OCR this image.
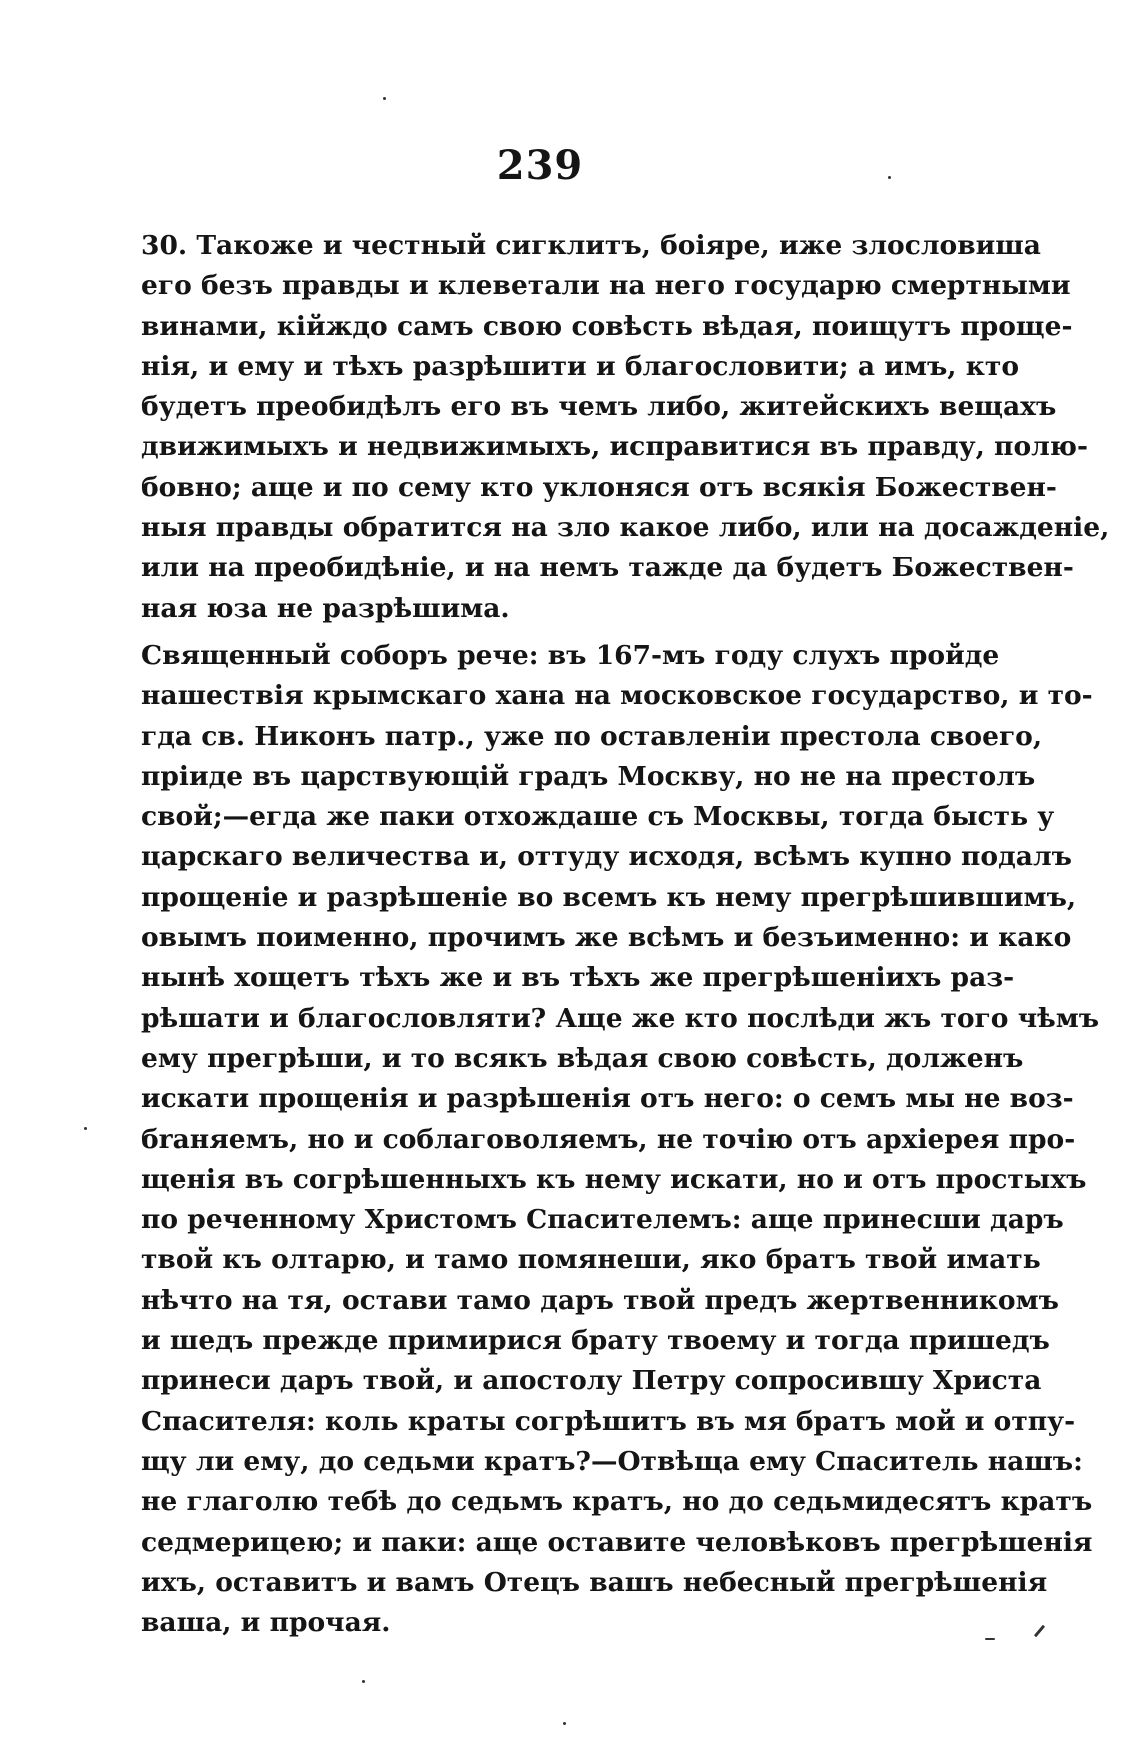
239
30. Такоже и честный сигклитъ, боiяре, иже злословиша
его безъ правды и клеветали на него государю смертными
винами, кiйждо самъ свою совѣсть вѣдая, поищутъ проще-
нiя, и ему и тѣхъ разрѣшити и благословити; а имъ, кто
будетъ преобидѣлъ его въ чемъ либо, житейскихъ вещахъ
движимыхъ и недвижимыхъ, исправитися въ правду, полю-
бовно; аще и по сему кто уклоняся отъ всякiя Божествен-
ныя правды обратится на зло какое либо, или на досажденiе,
или на преобидѣнiе, и на немъ тажде да будетъ Божествен-
ная юза не разрѣшима.
Священный соборъ рече: въ 167-мъ году слухъ пройде
нашествiя крымскаго хана на московское государство, и то-
гда св. Никонъ патр., уже по оставленiи престола своего,
прiиде въ царствующiй градъ Москву, но не на престолъ
свой;—егда же паки отхождаше съ Москвы, тогда бысть у
царскаго величества и, оттуду исходя, всѣмъ купно подалъ
прощенiе и разрѣшенiе во всемъ къ нему прегрѣшившимъ,
овымъ поименно, прочимъ же всѣмъ и безъименно: и како
нынѣ хощетъ тѣхъ же и въ тѣхъ же прегрѣшенiихъ раз-
рѣшати и благословляти? Аще же кто послѣди жъ того чѣмъ
ему прегрѣши, и то всякъ вѣдая свою совѣсть, долженъ
искати прощенiя и разрѣшенiя отъ него: о семъ мы не воз-
бraняемъ, но и соблаговоляемъ, не точiю отъ архiерея про-
щенiя въ согрѣшенныхъ къ нему искати, но и отъ простыхъ
по реченному Христомъ Спасителемъ: аще принесши даръ
твой къ олтарю, и тамо помянеши, яко братъ твой имать
нѣчто на тя, остави тамо даръ твой предъ жертвенникомъ
и шедъ прежде примирися брату твоему и тогда пришедъ
принеси даръ твой, и апостолу Петру сопросившу Христа
Спасителя: коль краты согрѣшитъ въ мя братъ мой и отпу-
щу ли ему, до седьми кратъ?—Отвѣща ему Спаситель нашъ:
не глаголю тебѣ до седьмъ кратъ, но до седьмидесятъ кратъ
седмерицею; и паки: аще оставите человѣковъ прегрѣшенiя
ихъ, оставитъ и вамъ Отецъ вашъ небесный прегрѣшенiя
ваша, и прочая.
